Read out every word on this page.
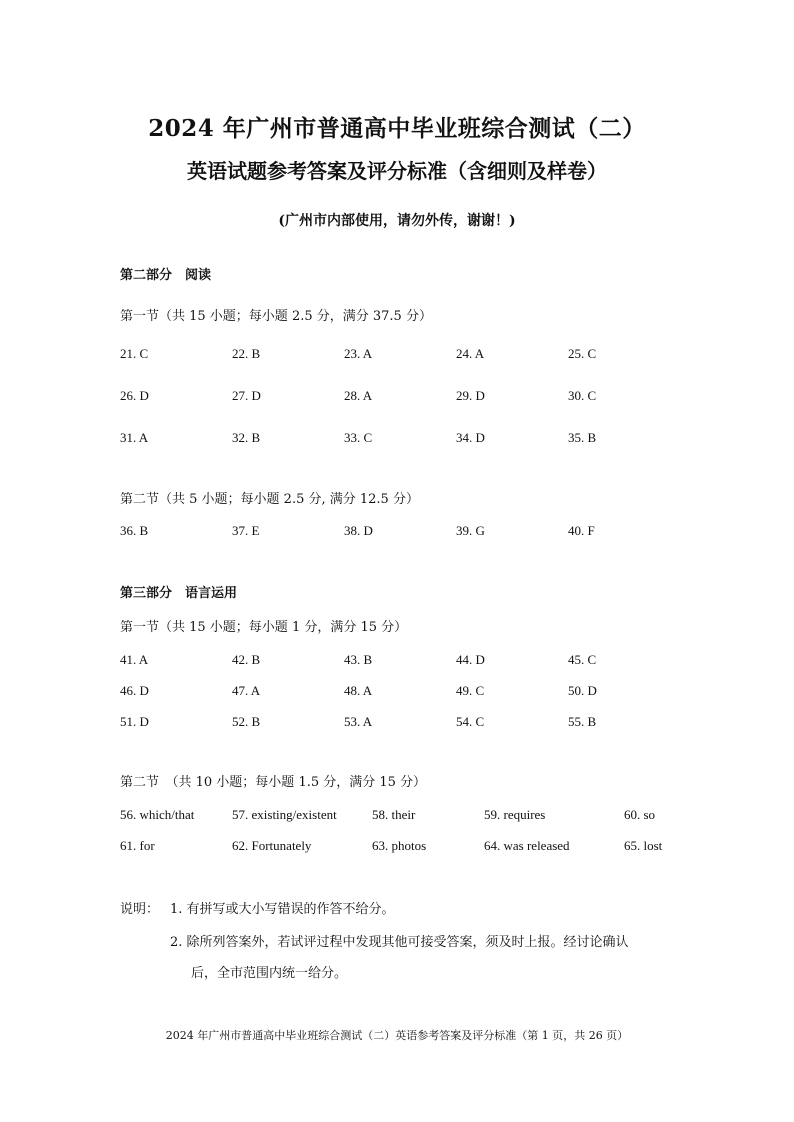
2024 年广州市普通高中毕业班综合测试（二）
英语试题参考答案及评分标准（含细则及样卷）
(广州市内部使用，请勿外传，谢谢！)
第二部分　阅读
第一节（共 15 小题；每小题 2.5 分，满分 37.5 分）
21. C	22. B	23. A	24. A	25. C
26. D	27. D	28. A	29. D	30. C
31. A	32. B	33. C	34. D	35. B
第二节（共 5 小题；每小题 2.5 分, 满分 12.5 分）
36. B	37. E	38. D	39. G	40. F
第三部分　语言运用
第一节（共 15 小题；每小题 1 分，满分 15 分）
41. A	42. B	43. B	44. D	45. C
46. D	47. A	48. A	49. C	50. D
51. D	52. B	53. A	54. C	55. B
第二节　（共 10 小题；每小题 1.5 分，满分 15 分）
56. which/that	57. existing/existent	58. their	59. requires	60. so
61. for	62. Fortunately	63. photos	64. was released	65. lost
说明： 1. 有拼写或大小写错误的作答不给分。
2. 除所列答案外，若试评过程中发现其他可接受答案，须及时上报。经讨论确认
后，全市范围内统一给分。
2024 年广州市普通高中毕业班综合测试（二）英语参考答案及评分标准（第 1 页，共 26 页）
